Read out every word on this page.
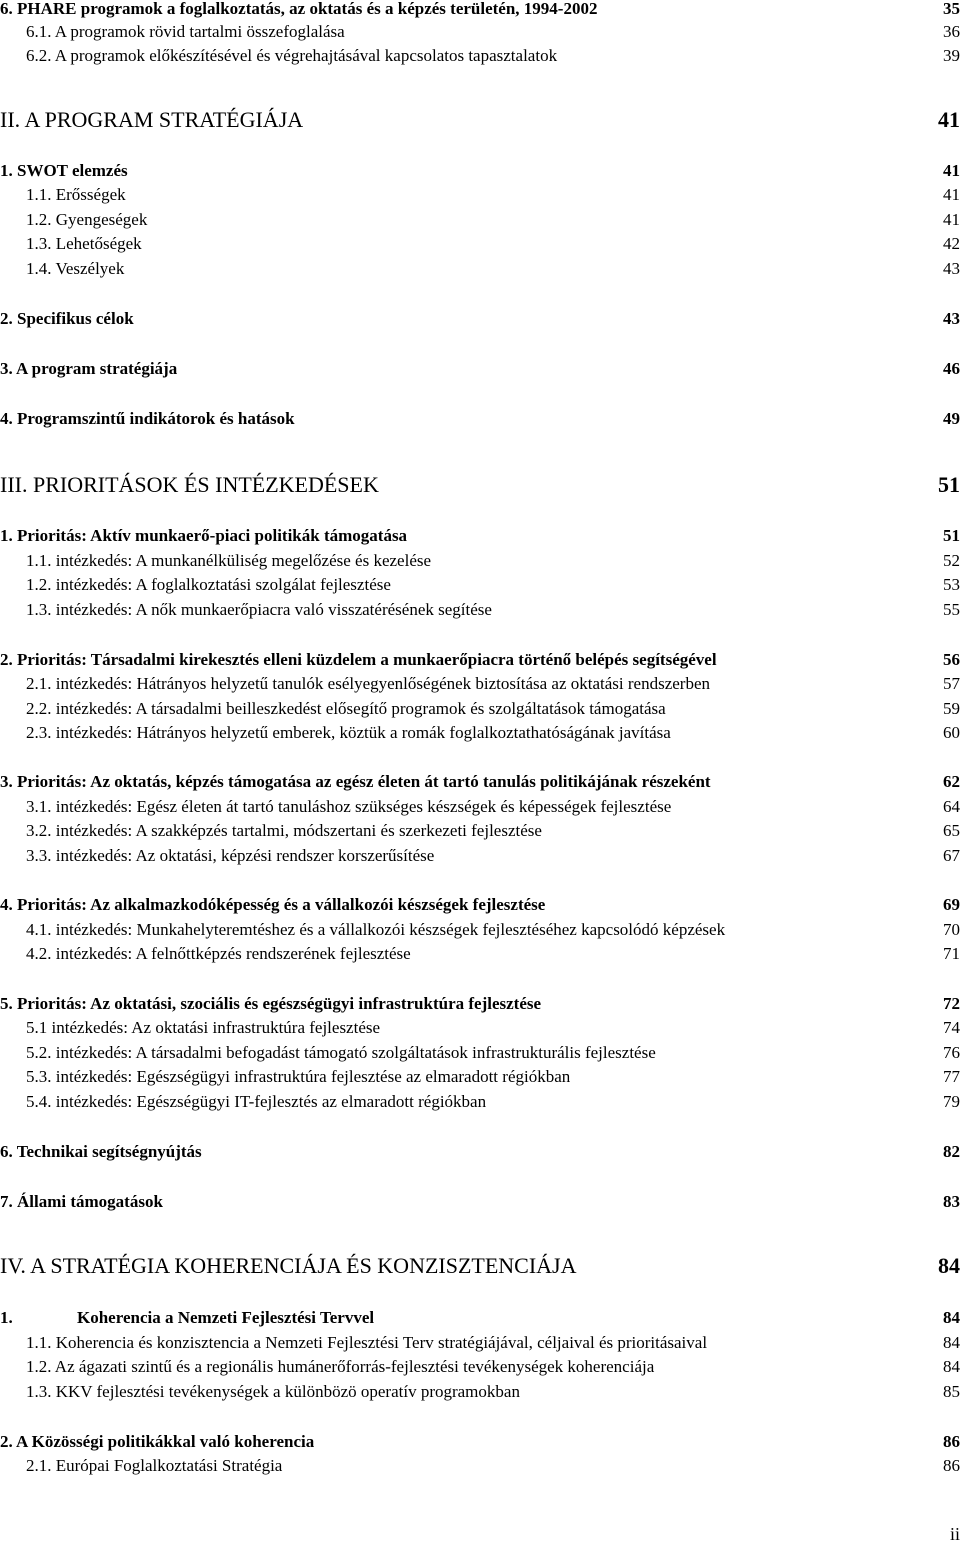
6. PHARE programok a foglalkoztatás, az oktatás és a képzés területén, 1994-2002	35
6.1. A programok rövid tartalmi összefoglalása	36
6.2. A programok előkészítésével és végrehajtásával kapcsolatos tapasztalatok	39
II. A PROGRAM STRATÉGIÁJA	41
1. SWOT elemzés	41
1.1. Erősségek	41
1.2. Gyengeségek	41
1.3. Lehetőségek	42
1.4. Veszélyek	43
2. Specifikus célok	43
3. A program stratégiája	46
4. Programszintű indikátorok és hatások	49
III. PRIORITÁSOK ÉS INTÉZKEDÉSEK	51
1. Prioritás: Aktív munkaerő-piaci politikák támogatása	51
1.1. intézkedés: A munkanélküliség megelőzése és kezelése	52
1.2. intézkedés: A foglalkoztatási szolgálat fejlesztése	53
1.3. intézkedés: A nők munkaerőpiacra való visszatérésének segítése	55
2. Prioritás: Társadalmi kirekesztés elleni küzdelem a munkaerőpiacra történő belépés segítségével	56
2.1. intézkedés: Hátrányos helyzetű tanulók esélyegyenlőségének biztosítása az oktatási rendszerben	57
2.2. intézkedés: A társadalmi beilleszkedést elősegítő programok és szolgáltatások támogatása	59
2.3. intézkedés: Hátrányos helyzetű emberek, köztük a romák foglalkoztathatóságának javítása	60
3. Prioritás: Az oktatás, képzés támogatása az egész életen át tartó tanulás politikájának részeként	62
3.1. intézkedés: Egész életen át tartó tanuláshoz szükséges készségek és képességek fejlesztése	64
3.2. intézkedés: A szakképzés tartalmi, módszertani és szerkezeti fejlesztése	65
3.3. intézkedés: Az oktatási, képzési rendszer korszerűsítése	67
4. Prioritás: Az alkalmazkodóképesség és a vállalkozói készségek fejlesztése	69
4.1. intézkedés: Munkahelyteremtéshez és a vállalkozói készségek fejlesztéséhez kapcsolódó képzések	70
4.2. intézkedés: A felnőttképzés rendszerének fejlesztése	71
5. Prioritás: Az oktatási, szociális és egészségügyi infrastruktúra fejlesztése	72
5.1 intézkedés: Az oktatási infrastruktúra fejlesztése	74
5.2. intézkedés: A társadalmi befogadást támogató szolgáltatások infrastrukturális fejlesztése	76
5.3. intézkedés: Egészségügyi infrastruktúra fejlesztése az elmaradott régiókban	77
5.4. intézkedés: Egészségügyi IT-fejlesztés az elmaradott régiókban	79
6. Technikai segítségnyújtás	82
7. Állami támogatások	83
IV. A STRATÉGIA KOHERENCIÁJA ÉS KONZISZTENCIÁJA	84
1.	Koherencia a Nemzeti Fejlesztési Tervvel	84
1.1. Koherencia és konzisztencia a Nemzeti Fejlesztési Terv stratégiájával, céljaival és prioritásaival	84
1.2. Az ágazati szintű és a regionális humánerőforrás-fejlesztési tevékenységek koherenciája	84
1.3. KKV fejlesztési tevékenységek a különbözö operatív programokban	85
2. A Közösségi politikákkal való koherencia	86
2.1. Európai Foglalkoztatási Stratégia	86
ii
